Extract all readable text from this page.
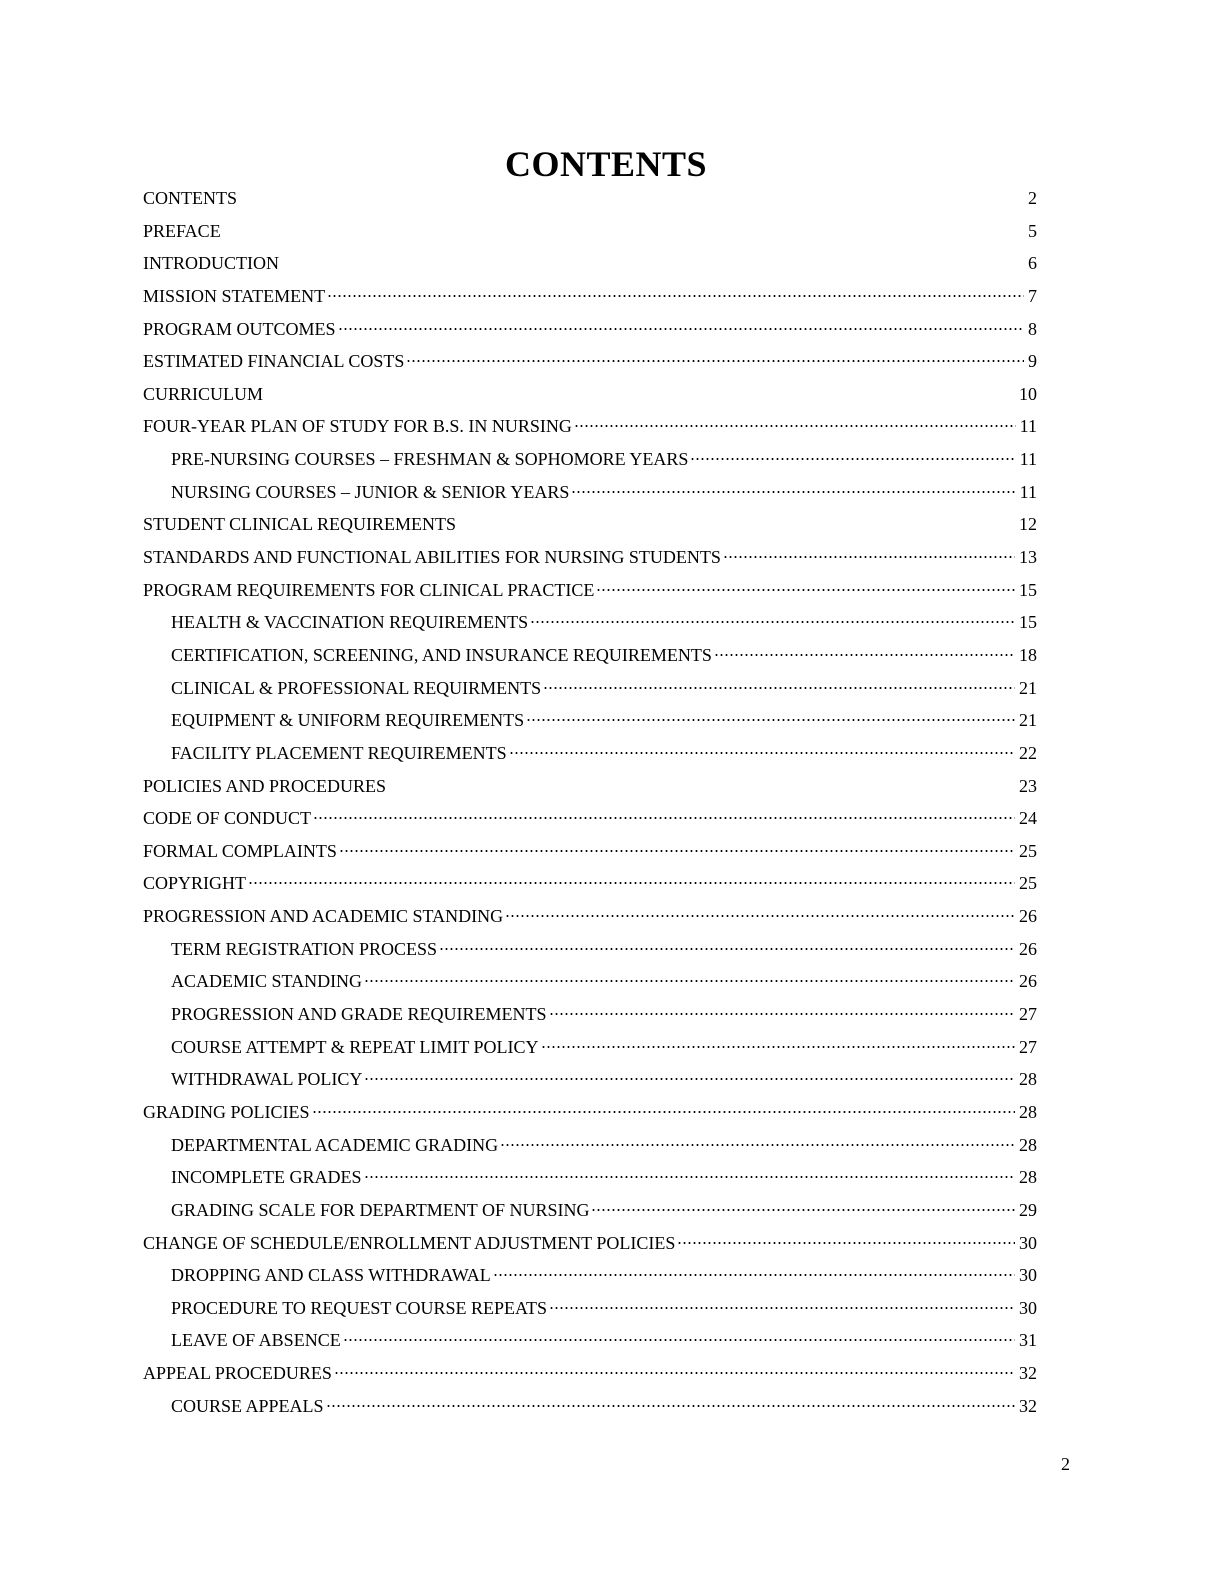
CONTENTS
CONTENTS	2
PREFACE	5
INTRODUCTION	6
MISSION STATEMENT	7
PROGRAM OUTCOMES	8
ESTIMATED FINANCIAL COSTS	9
CURRICULUM	10
FOUR-YEAR PLAN OF STUDY FOR B.S. IN NURSING	11
PRE-NURSING COURSES – FRESHMAN & SOPHOMORE YEARS	11
NURSING COURSES – JUNIOR & SENIOR YEARS	11
STUDENT CLINICAL REQUIREMENTS	12
STANDARDS AND FUNCTIONAL ABILITIES FOR NURSING STUDENTS	13
PROGRAM REQUIREMENTS FOR CLINICAL PRACTICE	15
HEALTH & VACCINATION REQUIREMENTS	15
CERTIFICATION, SCREENING, AND INSURANCE REQUIREMENTS	18
CLINICAL & PROFESSIONAL REQUIRMENTS	21
EQUIPMENT & UNIFORM REQUIREMENTS	21
FACILITY PLACEMENT REQUIREMENTS	22
POLICIES AND PROCEDURES	23
CODE OF CONDUCT	24
FORMAL COMPLAINTS	25
COPYRIGHT	25
PROGRESSION AND ACADEMIC STANDING	26
TERM REGISTRATION PROCESS	26
ACADEMIC STANDING	26
PROGRESSION AND GRADE REQUIREMENTS	27
COURSE ATTEMPT & REPEAT LIMIT POLICY	27
WITHDRAWAL POLICY	28
GRADING POLICIES	28
DEPARTMENTAL ACADEMIC GRADING	28
INCOMPLETE GRADES	28
GRADING SCALE FOR DEPARTMENT OF NURSING	29
CHANGE OF SCHEDULE/ENROLLMENT ADJUSTMENT POLICIES	30
DROPPING AND CLASS WITHDRAWAL	30
PROCEDURE TO REQUEST COURSE REPEATS	30
LEAVE OF ABSENCE	31
APPEAL PROCEDURES	32
COURSE APPEALS	32
2
